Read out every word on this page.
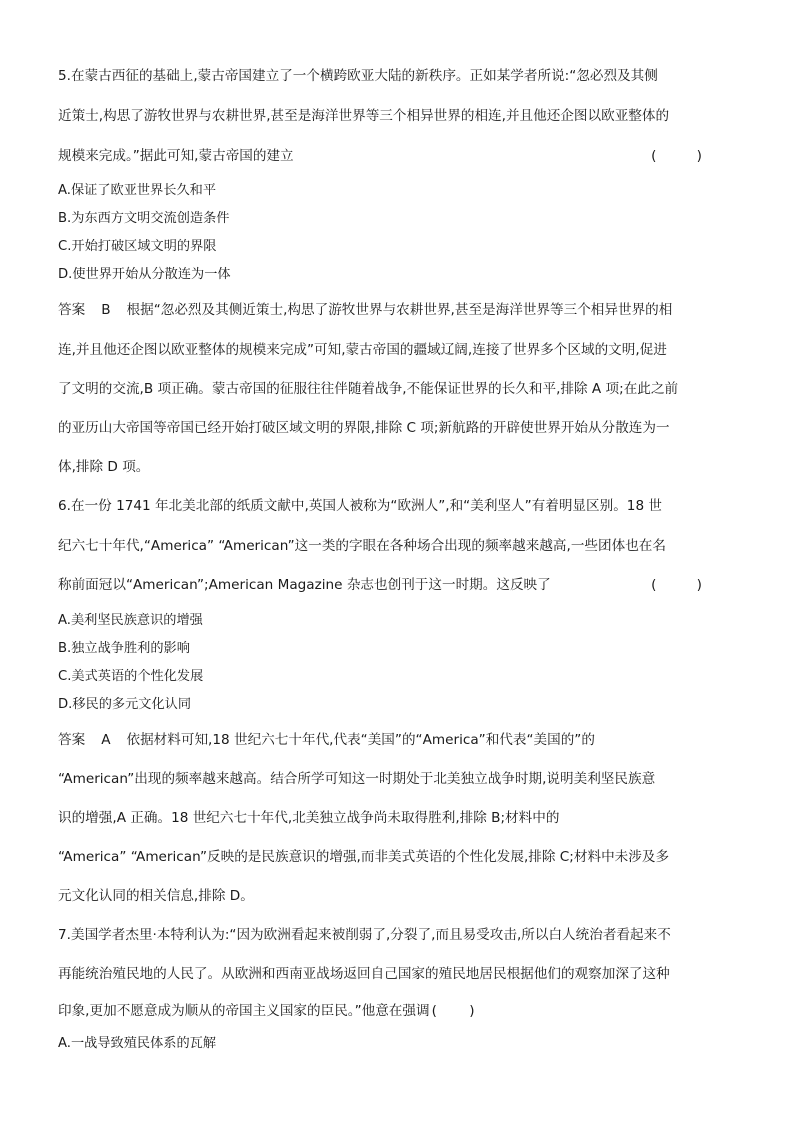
5.在蒙古西征的基础上,蒙古帝国建立了一个横跨欧亚大陆的新秩序。正如某学者所说:“忽必烈及其侧
近策士,构思了游牧世界与农耕世界,甚至是海洋世界等三个相异世界的相连,并且他还企图以欧亚整体的
规模来完成。”据此可知,蒙古帝国的建立	( )
A.保证了欧亚世界长久和平
B.为东西方文明交流创造条件
C.开始打破区域文明的界限
D.使世界开始从分散连为一体
答案 B 根据“忽必烈及其侧近策士,构思了游牧世界与农耕世界,甚至是海洋世界等三个相异世界的相
连,并且他还企图以欧亚整体的规模来完成”可知,蒙古帝国的疆域辽阔,连接了世界多个区域的文明,促进
了文明的交流,B 项正确。蒙古帝国的征服往往伴随着战争,不能保证世界的长久和平,排除 A 项;在此之前
的亚历山大帝国等帝国已经开始打破区域文明的界限,排除 C 项;新航路的开辟使世界开始从分散连为一
体,排除 D 项。
6.在一份 1741 年北美北部的纸质文献中,英国人被称为“欧洲人”,和“美利坚人”有着明显区别。18 世
纪六七十年代,“America” “American”这一类的字眼在各种场合出现的频率越来越高,一些团体也在名
称前面冠以“American”;American Magazine 杂志也创刊于这一时期。这反映了	( )
A.美利坚民族意识的增强
B.独立战争胜利的影响
C.美式英语的个性化发展
D.移民的多元文化认同
答案 A 依据材料可知,18 世纪六七十年代,代表“美国”的“America”和代表“美国的”的
“American”出现的频率越来越高。结合所学可知这一时期处于北美独立战争时期,说明美利坚民族意
识的增强,A 正确。18 世纪六七十年代,北美独立战争尚未取得胜利,排除 B;材料中的
“America” “American”反映的是民族意识的增强,而非美式英语的个性化发展,排除 C;材料中未涉及多
元文化认同的相关信息,排除 D。
7.美国学者杰里·本特利认为:“因为欧洲看起来被削弱了,分裂了,而且易受攻击,所以白人统治者看起来不
再能统治殖民地的人民了。从欧洲和西南亚战场返回自己国家的殖民地居民根据他们的观察加深了这种
印象,更加不愿意成为顺从的帝国主义国家的臣民。”他意在强调 ( )
A.一战导致殖民体系的瓦解
